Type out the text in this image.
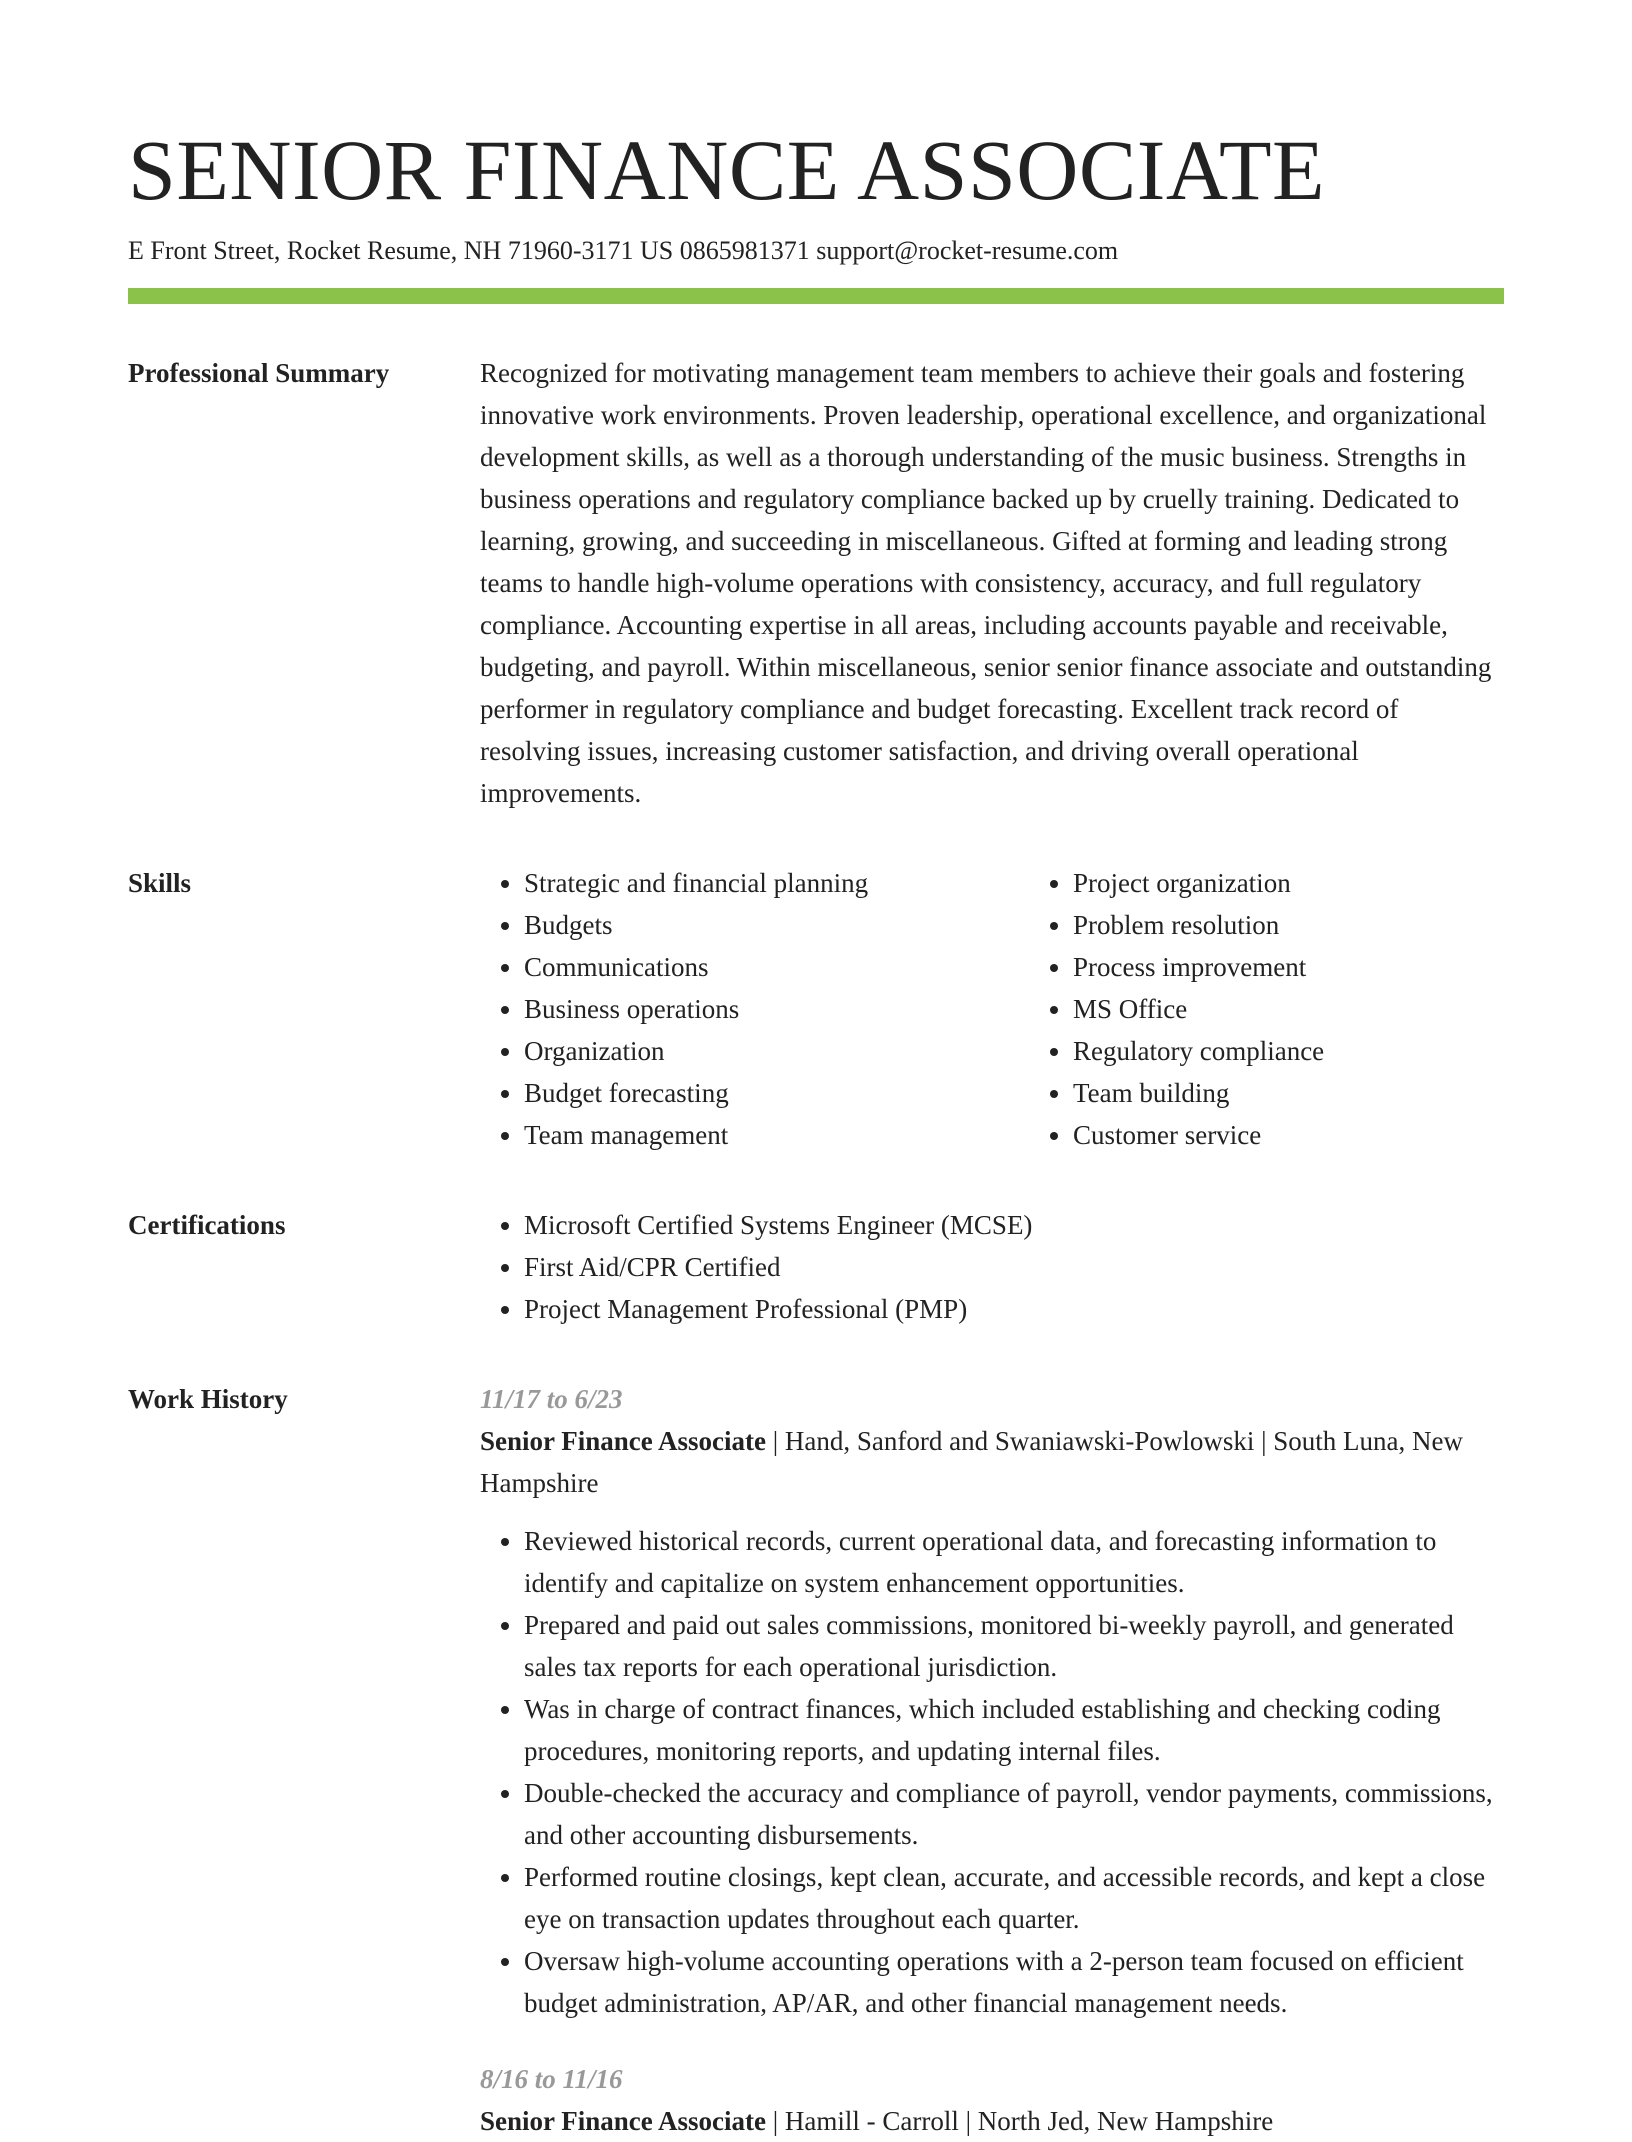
SENIOR FINANCE ASSOCIATE
E Front Street, Rocket Resume, NH 71960-3171 US 0865981371 support@rocket-resume.com
Professional Summary	Recognized for motivating management team members to achieve their goals and fostering innovative work environments. Proven leadership, operational excellence, and organizational development skills, as well as a thorough understanding of the music business. Strengths in business operations and regulatory compliance backed up by cruelly training. Dedicated to learning, growing, and succeeding in miscellaneous. Gifted at forming and leading strong teams to handle high-volume operations with consistency, accuracy, and full regulatory compliance. Accounting expertise in all areas, including accounts payable and receivable, budgeting, and payroll. Within miscellaneous, senior senior finance associate and outstanding performer in regulatory compliance and budget forecasting. Excellent track record of resolving issues, increasing customer satisfaction, and driving overall operational improvements.

Skills	• Strategic and financial planning
• Budgets
• Communications
• Business operations
• Organization
• Budget forecasting
• Team management
• Project organization
• Problem resolution
• Process improvement
• MS Office
• Regulatory compliance
• Team building
• Customer service
Certifications	• Microsoft Certified Systems Engineer (MCSE)
• First Aid/CPR Certified
• Project Management Professional (PMP)
Work History	11/17 to 6/23
Senior Finance Associate | Hand, Sanford and Swaniawski-Powlowski | South Luna, New Hampshire
• Reviewed historical records, current operational data, and forecasting information to identify and capitalize on system enhancement opportunities.
• Prepared and paid out sales commissions, monitored bi-weekly payroll, and generated sales tax reports for each operational jurisdiction.
• Was in charge of contract finances, which included establishing and checking coding procedures, monitoring reports, and updating internal files.
• Double-checked the accuracy and compliance of payroll, vendor payments, commissions, and other accounting disbursements.
• Performed routine closings, kept clean, accurate, and accessible records, and kept a close eye on transaction updates throughout each quarter.
• Oversaw high-volume accounting operations with a 2-person team focused on efficient budget administration, AP/AR, and other financial management needs.
8/16 to 11/16
Senior Finance Associate | Hamill - Carroll | North Jed, New Hampshire
